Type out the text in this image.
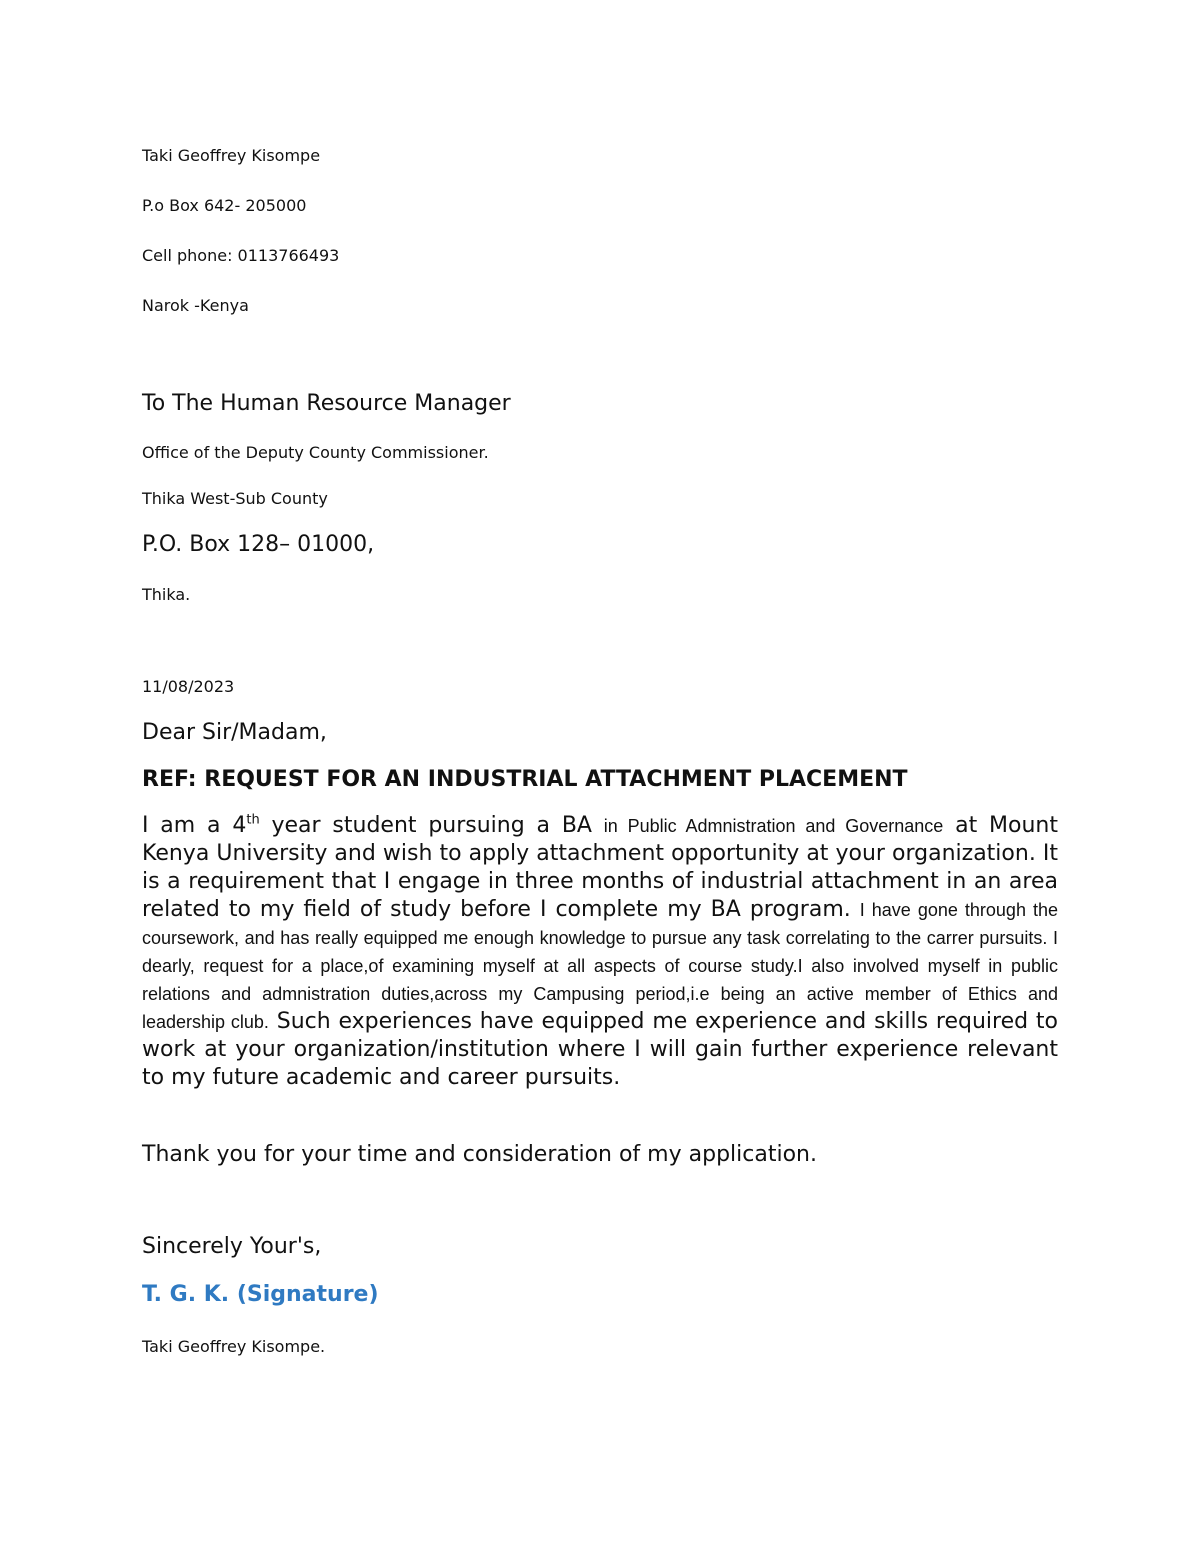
Taki Geoffrey Kisompe

P.o Box 642- 205000

Cell phone: 0113766493

Narok -Kenya

To The Human Resource Manager

Office of the Deputy County Commissioner.

Thika West-Sub County

P.O. Box 128– 01000,

Thika.

11/08/2023

Dear Sir/Madam,

REF: REQUEST FOR AN INDUSTRIAL ATTACHMENT PLACEMENT

I am a 4th year student pursuing a BA in Public Admnistration and Governance at Mount Kenya University and wish to apply attachment opportunity at your organization. It is a requirement that I engage in three months of industrial attachment in an area related to my field of study before I complete my BA program. I have gone through the coursework, and has really equipped me enough knowledge to pursue any task correlating to the carrer pursuits. I dearly, request for a place,of examining myself at all aspects of course study.I also involved myself in public relations and admnistration duties,across my Campusing period,i.e being an active member of Ethics and leadership club. Such experiences have equipped me experience and skills required to work at your organization/institution where I will gain further experience relevant to my future academic and career pursuits.

Thank you for your time and consideration of my application.

Sincerely Your's,

T. G. K. (Signature)

Taki Geoffrey Kisompe.
